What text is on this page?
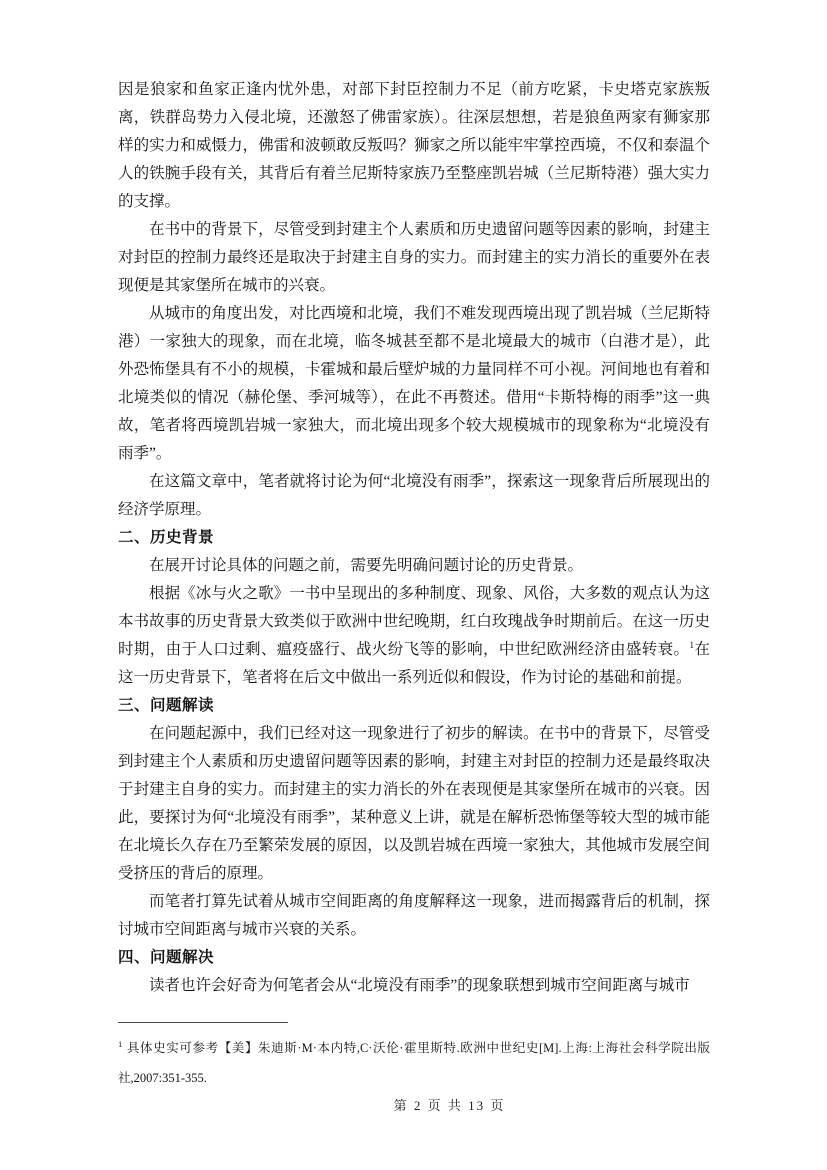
因是狼家和鱼家正逢内忧外患，对部下封臣控制力不足（前方吃紧，卡史塔克家族叛离，铁群岛势力入侵北境，还激怒了佛雷家族）。往深层想想，若是狼鱼两家有狮家那样的实力和威慑力，佛雷和波顿敢反叛吗？狮家之所以能牢牢掌控西境，不仅和泰温个人的铁腕手段有关，其背后有着兰尼斯特家族乃至整座凯岩城（兰尼斯特港）强大实力的支撑。

在书中的背景下，尽管受到封建主个人素质和历史遗留问题等因素的影响，封建主对封臣的控制力最终还是取决于封建主自身的实力。而封建主的实力消长的重要外在表现便是其家堡所在城市的兴衰。

从城市的角度出发，对比西境和北境，我们不难发现西境出现了凯岩城（兰尼斯特港）一家独大的现象，而在北境，临冬城甚至都不是北境最大的城市（白港才是），此外恐怖堡具有不小的规模，卡霍城和最后壁炉城的力量同样不可小视。河间地也有着和北境类似的情况（赫伦堡、季河城等），在此不再赘述。借用“卡斯特梅的雨季”这一典故，笔者将西境凯岩城一家独大，而北境出现多个较大规模城市的现象称为“北境没有雨季”。

在这篇文章中，笔者就将讨论为何“北境没有雨季”，探索这一现象背后所展现出的经济学原理。

二、历史背景

在展开讨论具体的问题之前，需要先明确问题讨论的历史背景。

根据《冰与火之歌》一书中呈现出的多种制度、现象、风俗，大多数的观点认为这本书故事的历史背景大致类似于欧洲中世纪晚期，红白玫瑰战争时期前后。在这一历史时期，由于人口过剩、瘟疫盛行、战火纷飞等的影响，中世纪欧洲经济由盛转衰。$^1$在这一历史背景下，笔者将在后文中做出一系列近似和假设，作为讨论的基础和前提。

三、问题解读

在问题起源中，我们已经对这一现象进行了初步的解读。在书中的背景下，尽管受到封建主个人素质和历史遗留问题等因素的影响，封建主对封臣的控制力还是最终取决于封建主自身的实力。而封建主的实力消长的外在表现便是其家堡所在城市的兴衰。因此，要探讨为何“北境没有雨季”，某种意义上讲，就是在解析恐怖堡等较大型的城市能在北境长久存在乃至繁荣发展的原因，以及凯岩城在西境一家独大，其他城市发展空间受挤压的背后的原理。

而笔者打算先试着从城市空间距离的角度解释这一现象，进而揭露背后的机制，探讨城市空间距离与城市兴衰的关系。

四、问题解决

读者也许会好奇为何笔者会从“北境没有雨季”的现象联想到城市空间距离与城市

$^1$ 具体史实可参考【美】朱迪斯·M·本内特,C·沃伦·霍里斯特.欧洲中世纪史[M].上海:上海社会科学院出版社,2007:351-355.

第 2 页 共 13 页
